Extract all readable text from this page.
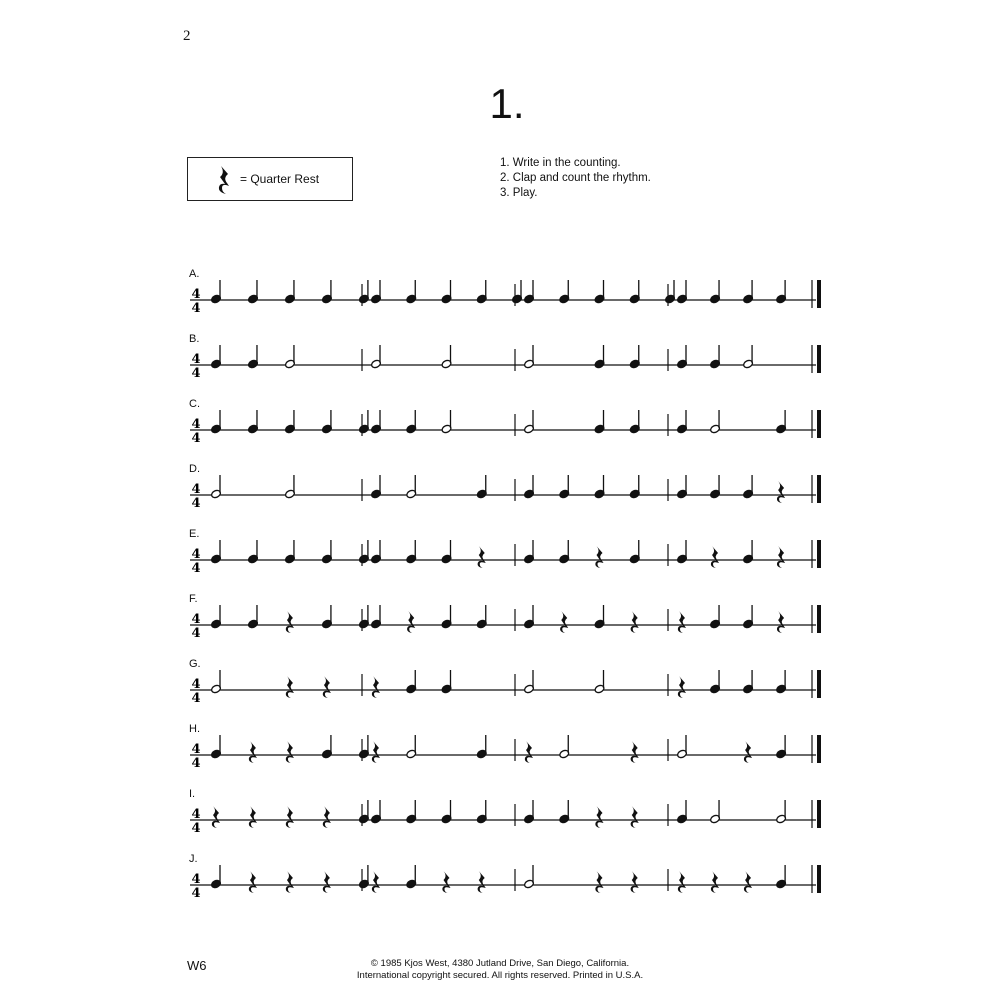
2
1.
= Quarter Rest
1. Write in the counting.
2. Clap and count the rhythm.
3. Play.
A.
B.
C.
D.
E.
F.
G.
H.
I.
J.
4
4
4
4
4
4
4
4
4
4
4
4
4
4
4
4
4
4
4
4
W6	© 1985 Kjos West, 4380 Jutland Drive, San Diego, California.
International copyright secured. All rights reserved. Printed in U.S.A.
